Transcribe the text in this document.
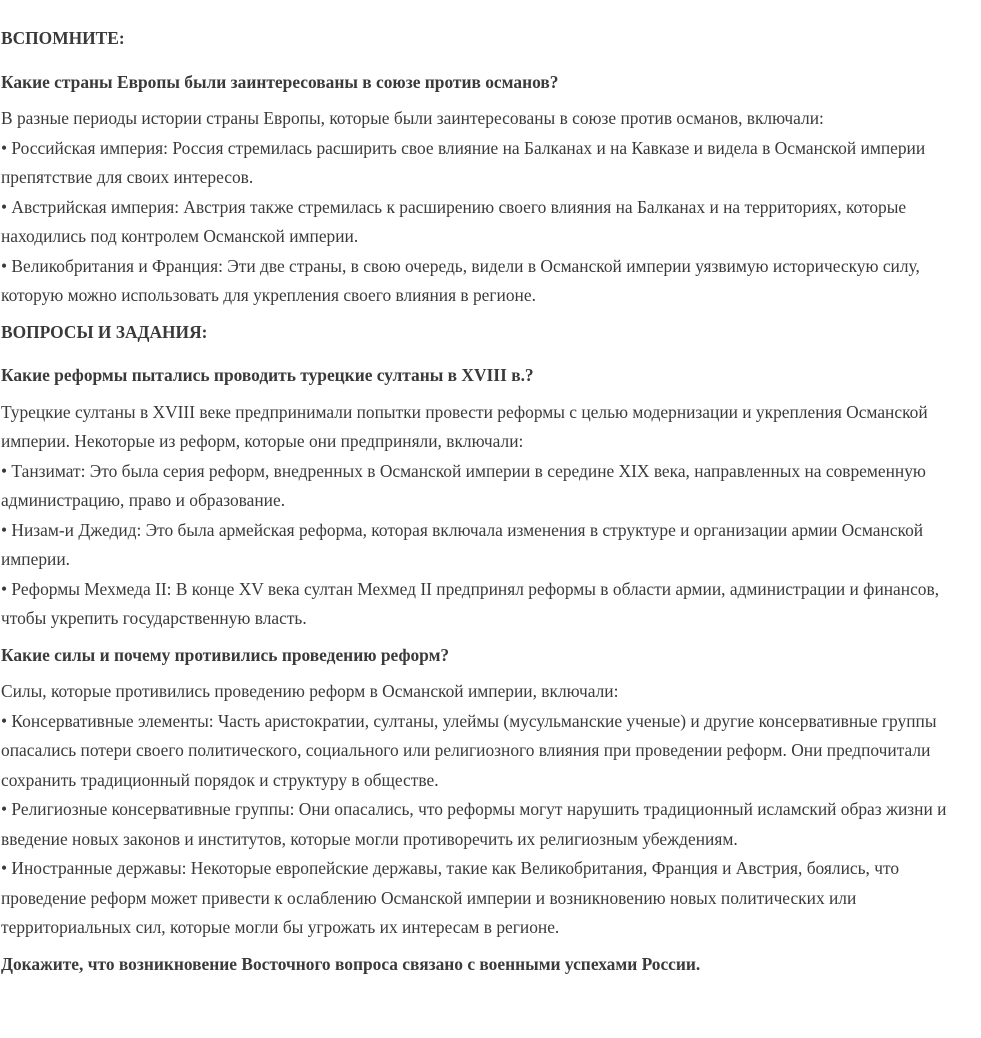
ВСПОМНИТЕ:

Какие страны Европы были заинтересованы в союзе против османов?

В разные периоды истории страны Европы, которые были заинтересованы в союзе против османов, включали:

• Российская империя: Россия стремилась расширить свое влияние на Балканах и на Кавказе и видела в Османской империи препятствие для своих интересов.

• Австрийская империя: Австрия также стремилась к расширению своего влияния на Балканах и на территориях, которые находились под контролем Османской империи.

• Великобритания и Франция: Эти две страны, в свою очередь, видели в Османской империи уязвимую историческую силу, которую можно использовать для укрепления своего влияния в регионе.

ВОПРОСЫ И ЗАДАНИЯ:

Какие реформы пытались проводить турецкие султаны в XVIII в.?

Турецкие султаны в XVIII веке предпринимали попытки провести реформы с целью модернизации и укрепления Османской империи. Некоторые из реформ, которые они предприняли, включали:

• Танзимат: Это была серия реформ, внедренных в Османской империи в середине XIX века, направленных на современную администрацию, право и образование.

• Низам-и Джедид: Это была армейская реформа, которая включала изменения в структуре и организации армии Османской империи.

• Реформы Мехмеда II: В конце XV века султан Мехмед II предпринял реформы в области армии, администрации и финансов, чтобы укрепить государственную власть.

Какие силы и почему противились проведению реформ?

Силы, которые противились проведению реформ в Османской империи, включали:

• Консервативные элементы: Часть аристократии, султаны, улеймы (мусульманские ученые) и другие консервативные группы опасались потери своего политического, социального или религиозного влияния при проведении реформ. Они предпочитали сохранить традиционный порядок и структуру в обществе.

• Религиозные консервативные группы: Они опасались, что реформы могут нарушить традиционный исламский образ жизни и введение новых законов и институтов, которые могли противоречить их религиозным убеждениям.

• Иностранные державы: Некоторые европейские державы, такие как Великобритания, Франция и Австрия, боялись, что проведение реформ может привести к ослаблению Османской империи и возникновению новых политических или территориальных сил, которые могли бы угрожать их интересам в регионе.

Докажите, что возникновение Восточного вопроса связано с военными успехами России.
